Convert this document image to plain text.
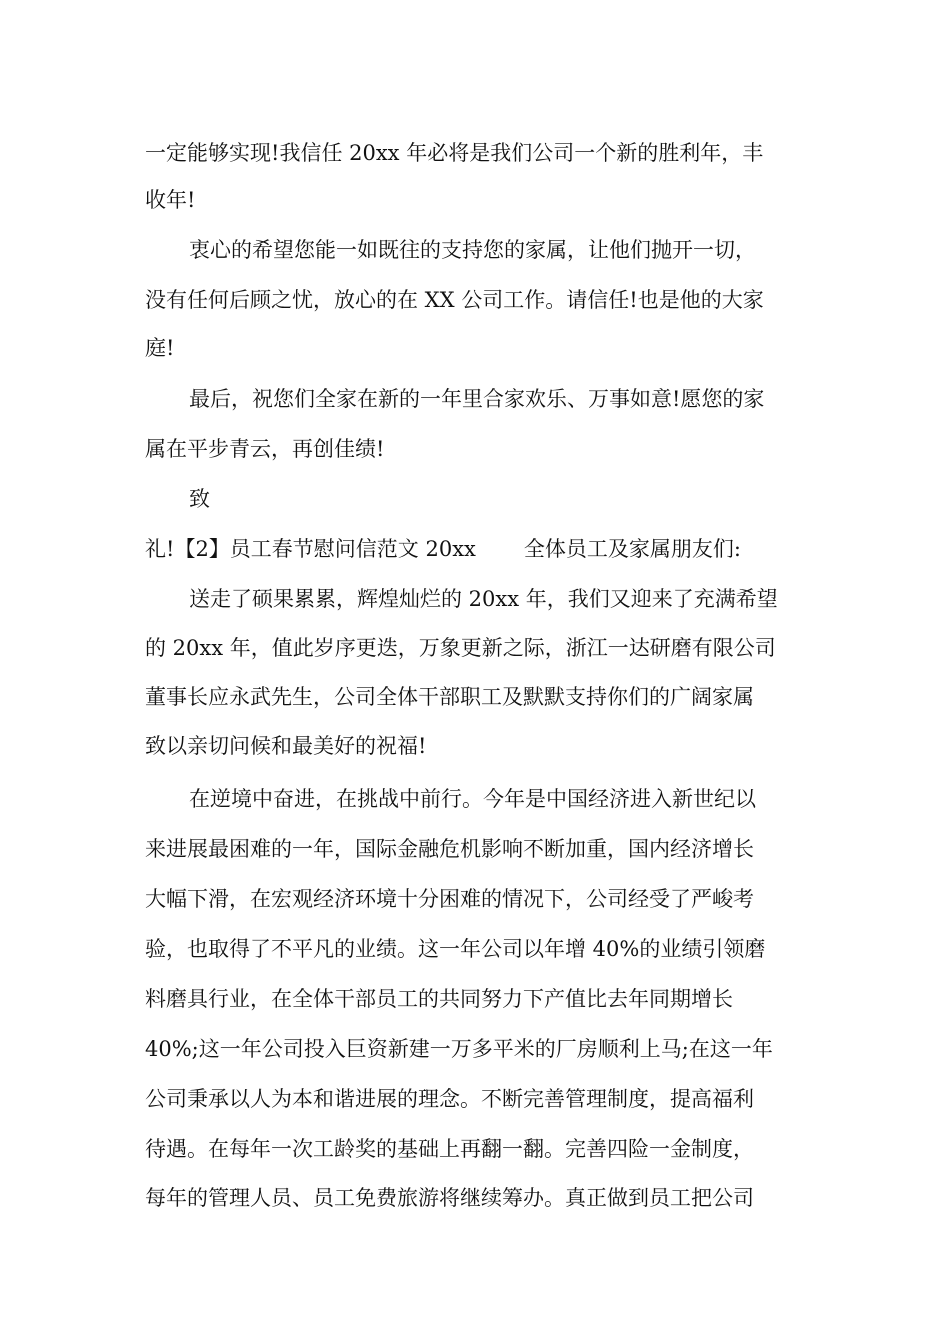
一定能够实现!我信任 20xx 年必将是我们公司一个新的胜利年，丰
收年!
衷心的希望您能一如既往的支持您的家属，让他们抛开一切，
没有任何后顾之忧，放心的在 XX 公司工作。请信任!也是他的大家
庭!
最后，祝您们全家在新的一年里合家欢乐、万事如意!愿您的家
属在平步青云，再创佳绩!
致
礼!【2】员工春节慰问信范文 20xx 全体员工及家属朋友们:
送走了硕果累累，辉煌灿烂的 20xx 年，我们又迎来了充满希望
的 20xx 年，值此岁序更迭，万象更新之际，浙江一达研磨有限公司
董事长应永武先生，公司全体干部职工及默默支持你们的广阔家属
致以亲切问候和最美好的祝福!
在逆境中奋进，在挑战中前行。今年是中国经济进入新世纪以
来进展最困难的一年，国际金融危机影响不断加重，国内经济增长
大幅下滑，在宏观经济环境十分困难的情况下，公司经受了严峻考
验，也取得了不平凡的业绩。这一年公司以年增 40%的业绩引领磨
料磨具行业，在全体干部员工的共同努力下产值比去年同期增长
40%;这一年公司投入巨资新建一万多平米的厂房顺利上马;在这一年
公司秉承以人为本和谐进展的理念。不断完善管理制度，提高福利
待遇。在每年一次工龄奖的基础上再翻一翻。完善四险一金制度，
每年的管理人员、员工免费旅游将继续筹办。真正做到员工把公司
